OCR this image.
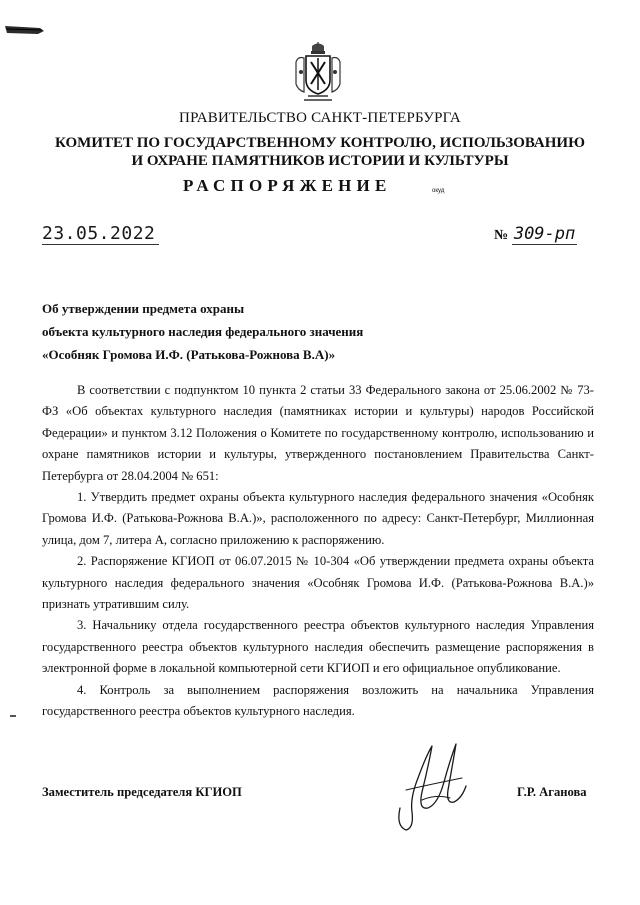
ПРАВИТЕЛЬСТВО САНКТ-ПЕТЕРБУРГА
КОМИТЕТ ПО ГОСУДАРСТВЕННОМУ КОНТРОЛЮ, ИСПОЛЬЗОВАНИЮ
И ОХРАНЕ ПАМЯТНИКОВ ИСТОРИИ И КУЛЬТУРЫ
РАСПОРЯЖЕНИЕ	окуд
23.05.2022	№ 309-рп
Об утверждении предмета охраны
объекта культурного наследия федерального значения
«Особняк Громова И.Ф. (Ратькова-Рожнова В.А)»

В соответствии с подпунктом 10 пункта 2 статьи 33 Федерального закона от 25.06.2002 № 73-ФЗ «Об объектах культурного наследия (памятниках истории и культуры) народов Российской Федерации» и пунктом 3.12 Положения о Комитете по государственному контролю, использованию и охране памятников истории и культуры, утвержденного постановлением Правительства Санкт-Петербурга от 28.04.2004 № 651:

1. Утвердить предмет охраны объекта культурного наследия федерального значения «Особняк Громова И.Ф. (Ратькова-Рожнова В.А.)», расположенного по адресу: Санкт-Петербург, Миллионная улица, дом 7, литера А, согласно приложению к распоряжению.

2. Распоряжение КГИОП от 06.07.2015 № 10-304 «Об утверждении предмета охраны объекта культурного наследия федерального значения «Особняк Громова И.Ф. (Ратькова-Рожнова В.А.)» признать утратившим силу.

3. Начальнику отдела государственного реестра объектов культурного наследия Управления государственного реестра объектов культурного наследия обеспечить размещение распоряжения в электронной форме в локальной компьютерной сети КГИОП и его официальное опубликование.

4. Контроль за выполнением распоряжения возложить на начальника Управления государственного реестра объектов культурного наследия.

Заместитель председателя КГИОП	Г.Р. Аганова
